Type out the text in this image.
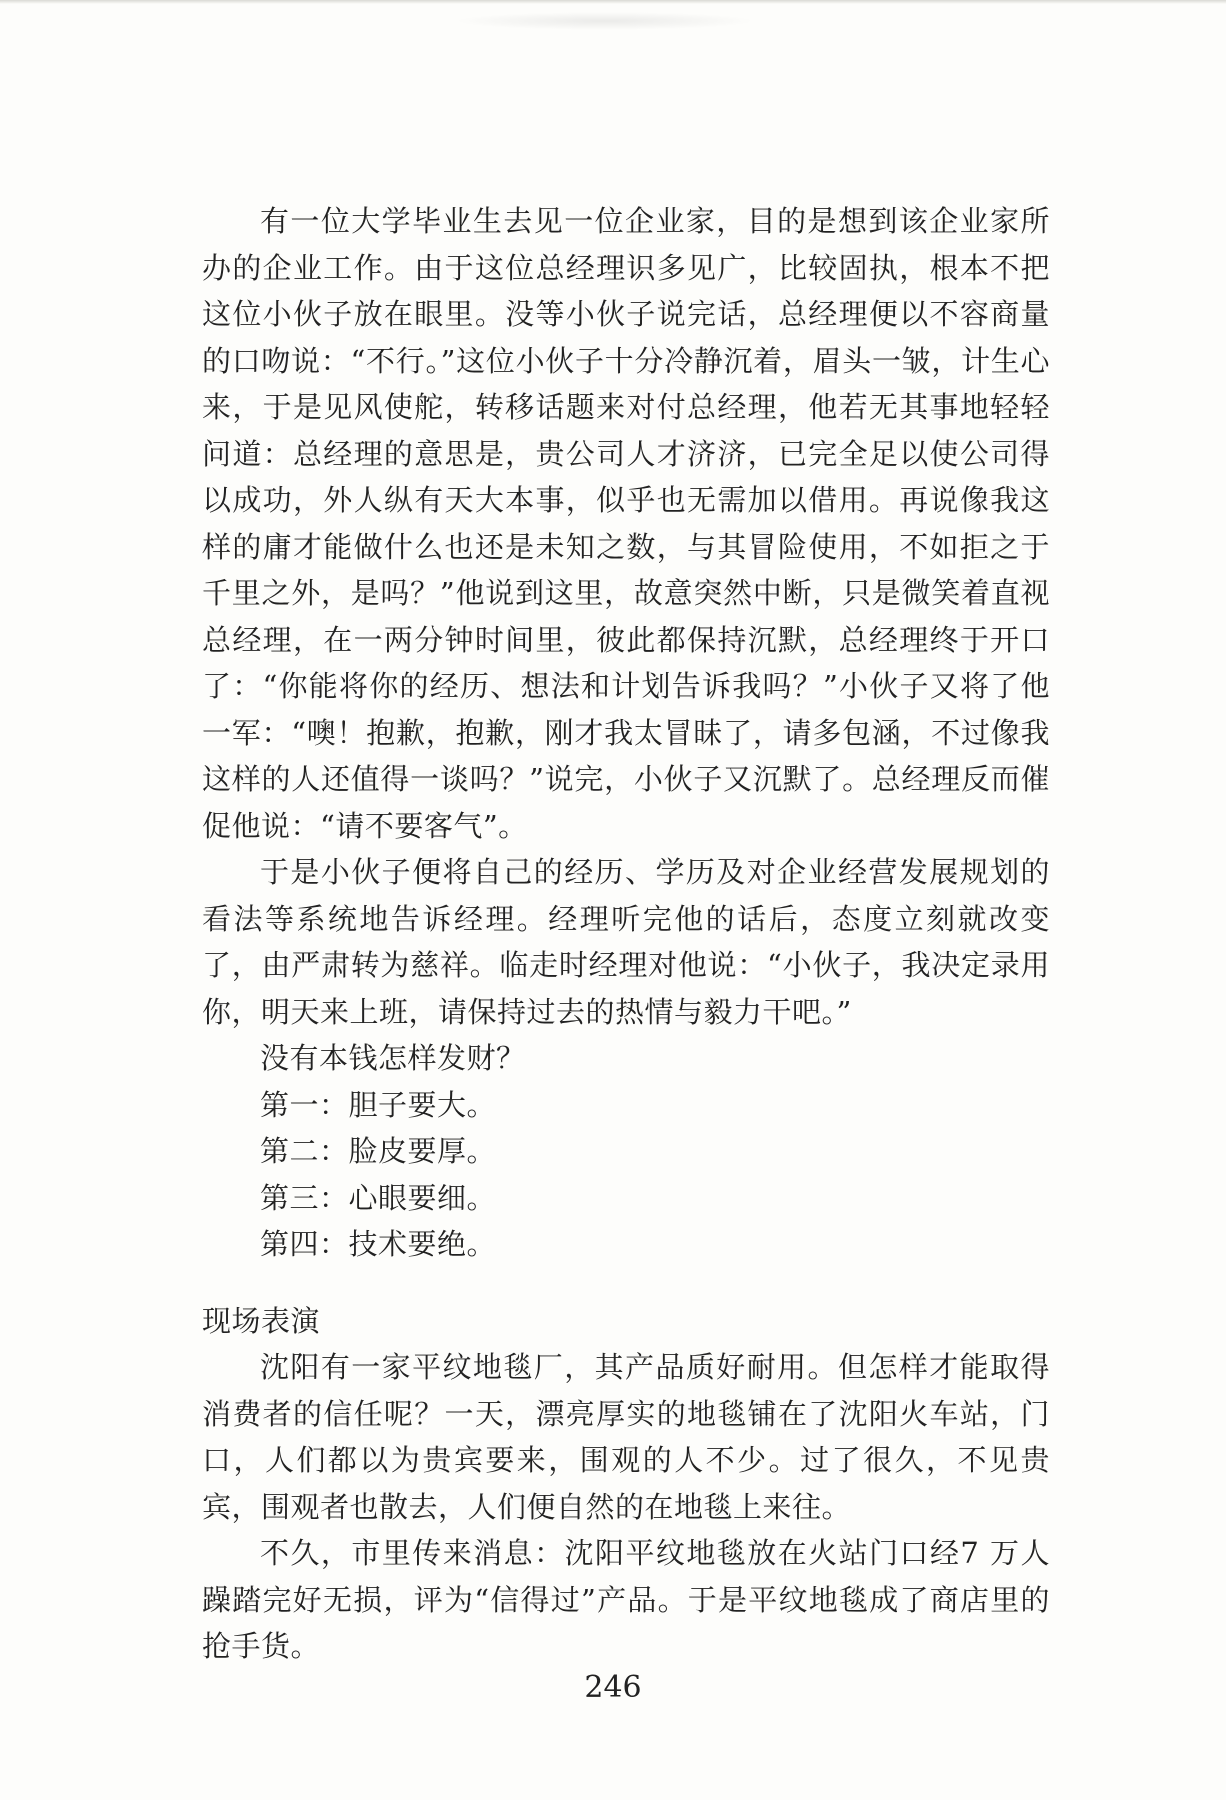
有一位大学毕业生去见一位企业家，目的是想到该企业家所办的企业工作。由于这位总经理识多见广，比较固执，根本不把这位小伙子放在眼里。没等小伙子说完话，总经理便以不容商量的口吻说：“不行。”这位小伙子十分冷静沉着，眉头一皱，计生心来，于是见风使舵，转移话题来对付总经理，他若无其事地轻轻问道：总经理的意思是，贵公司人才济济，已完全足以使公司得以成功，外人纵有天大本事，似乎也无需加以借用。再说像我这样的庸才能做什么也还是未知之数，与其冒险使用，不如拒之于千里之外，是吗？”他说到这里，故意突然中断，只是微笑着直视总经理，在一两分钟时间里，彼此都保持沉默，总经理终于开口了：“你能将你的经历、想法和计划告诉我吗？”小伙子又将了他一军：“噢！抱歉，抱歉，刚才我太冒昧了，请多包涵，不过像我这样的人还值得一谈吗？”说完，小伙子又沉默了。总经理反而催促他说：“请不要客气”。

于是小伙子便将自己的经历、学历及对企业经营发展规划的看法等系统地告诉经理。经理听完他的话后，态度立刻就改变了，由严肃转为慈祥。临走时经理对他说：“小伙子，我决定录用你，明天来上班，请保持过去的热情与毅力干吧。”

没有本钱怎样发财？

第一：胆子要大。

第二：脸皮要厚。

第三：心眼要细。

第四：技术要绝。

现场表演

沈阳有一家平纹地毯厂，其产品质好耐用。但怎样才能取得消费者的信任呢？一天，漂亮厚实的地毯铺在了沈阳火车站，门口，人们都以为贵宾要来，围观的人不少。过了很久，不见贵宾，围观者也散去，人们便自然的在地毯上来往。

不久，市里传来消息：沈阳平纹地毯放在火站门口经7 万人躁踏完好无损，评为“信得过”产品。于是平纹地毯成了商店里的抢手货。

246
